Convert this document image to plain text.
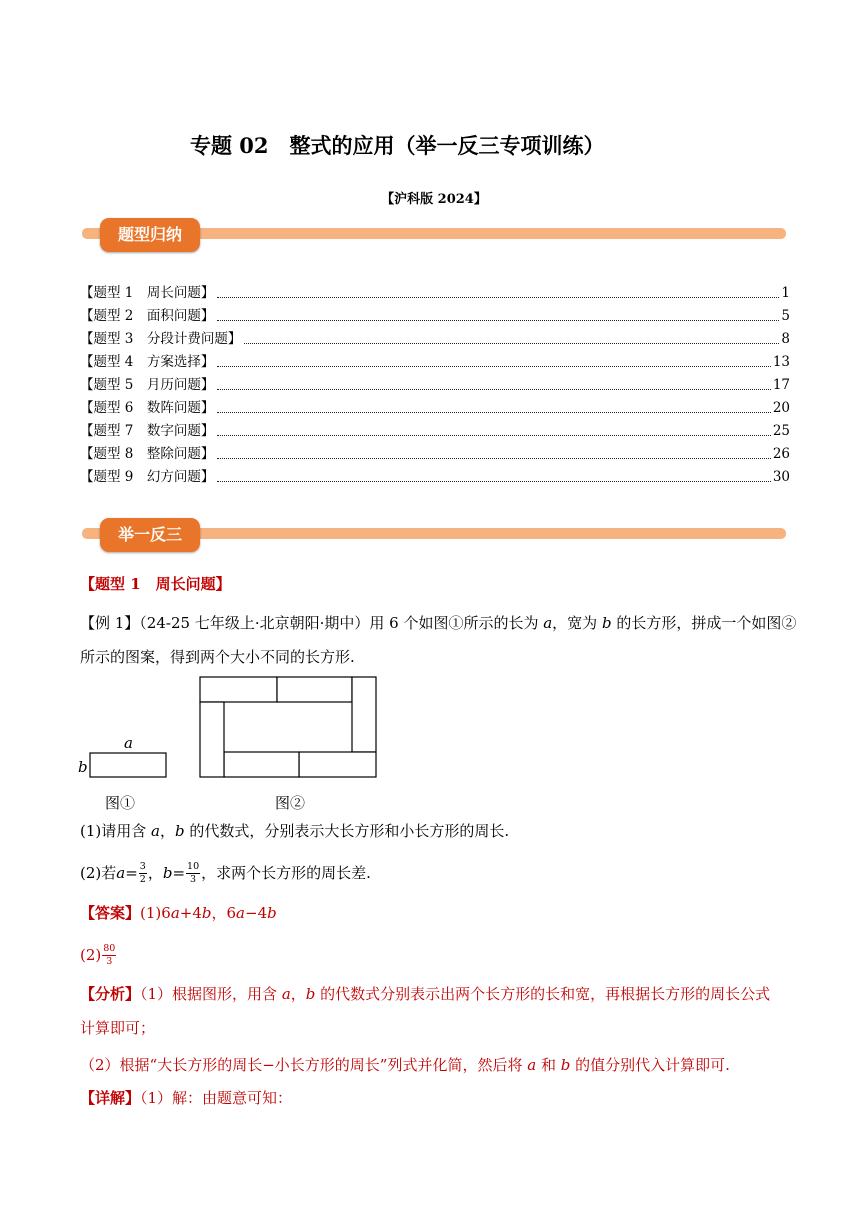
专题 02　整式的应用（举一反三专项训练）
【沪科版 2024】
题型归纳
【题型 1　周长问题】	1
【题型 2　面积问题】	5
【题型 3　分段计费问题】	8
【题型 4　方案选择】	13
【题型 5　月历问题】	17
【题型 6　数阵问题】	20
【题型 7　数字问题】	25
【题型 8　整除问题】	26
【题型 9　幻方问题】	30
举一反三
【题型 1　周长问题】
【例 1】（24-25 七年级上·北京朝阳·期中）用 6 个如图①所示的长为 a，宽为 b 的长方形，拼成一个如图②
所示的图案，得到两个大小不同的长方形.
a
b
图①	图②
(1)请用含 a，b 的代数式，分别表示大长方形和小长方形的周长.
(2)若$a= \frac{3}{2}$ ，$b= \frac{10}{3}$ ，求两个长方形的周长差.
【答案】(1)6a+4b，6a−4b
$(2) \frac{80}{3}$
【分析】（1）根据图形，用含 a，b 的代数式分别表示出两个长方形的长和宽，再根据长方形的周长公式
计算即可；
（2）根据“大长方形的周长−小长方形的周长”列式并化简，然后将 a 和 b 的值分别代入计算即可.
【详解】（1）解：由题意可知：
